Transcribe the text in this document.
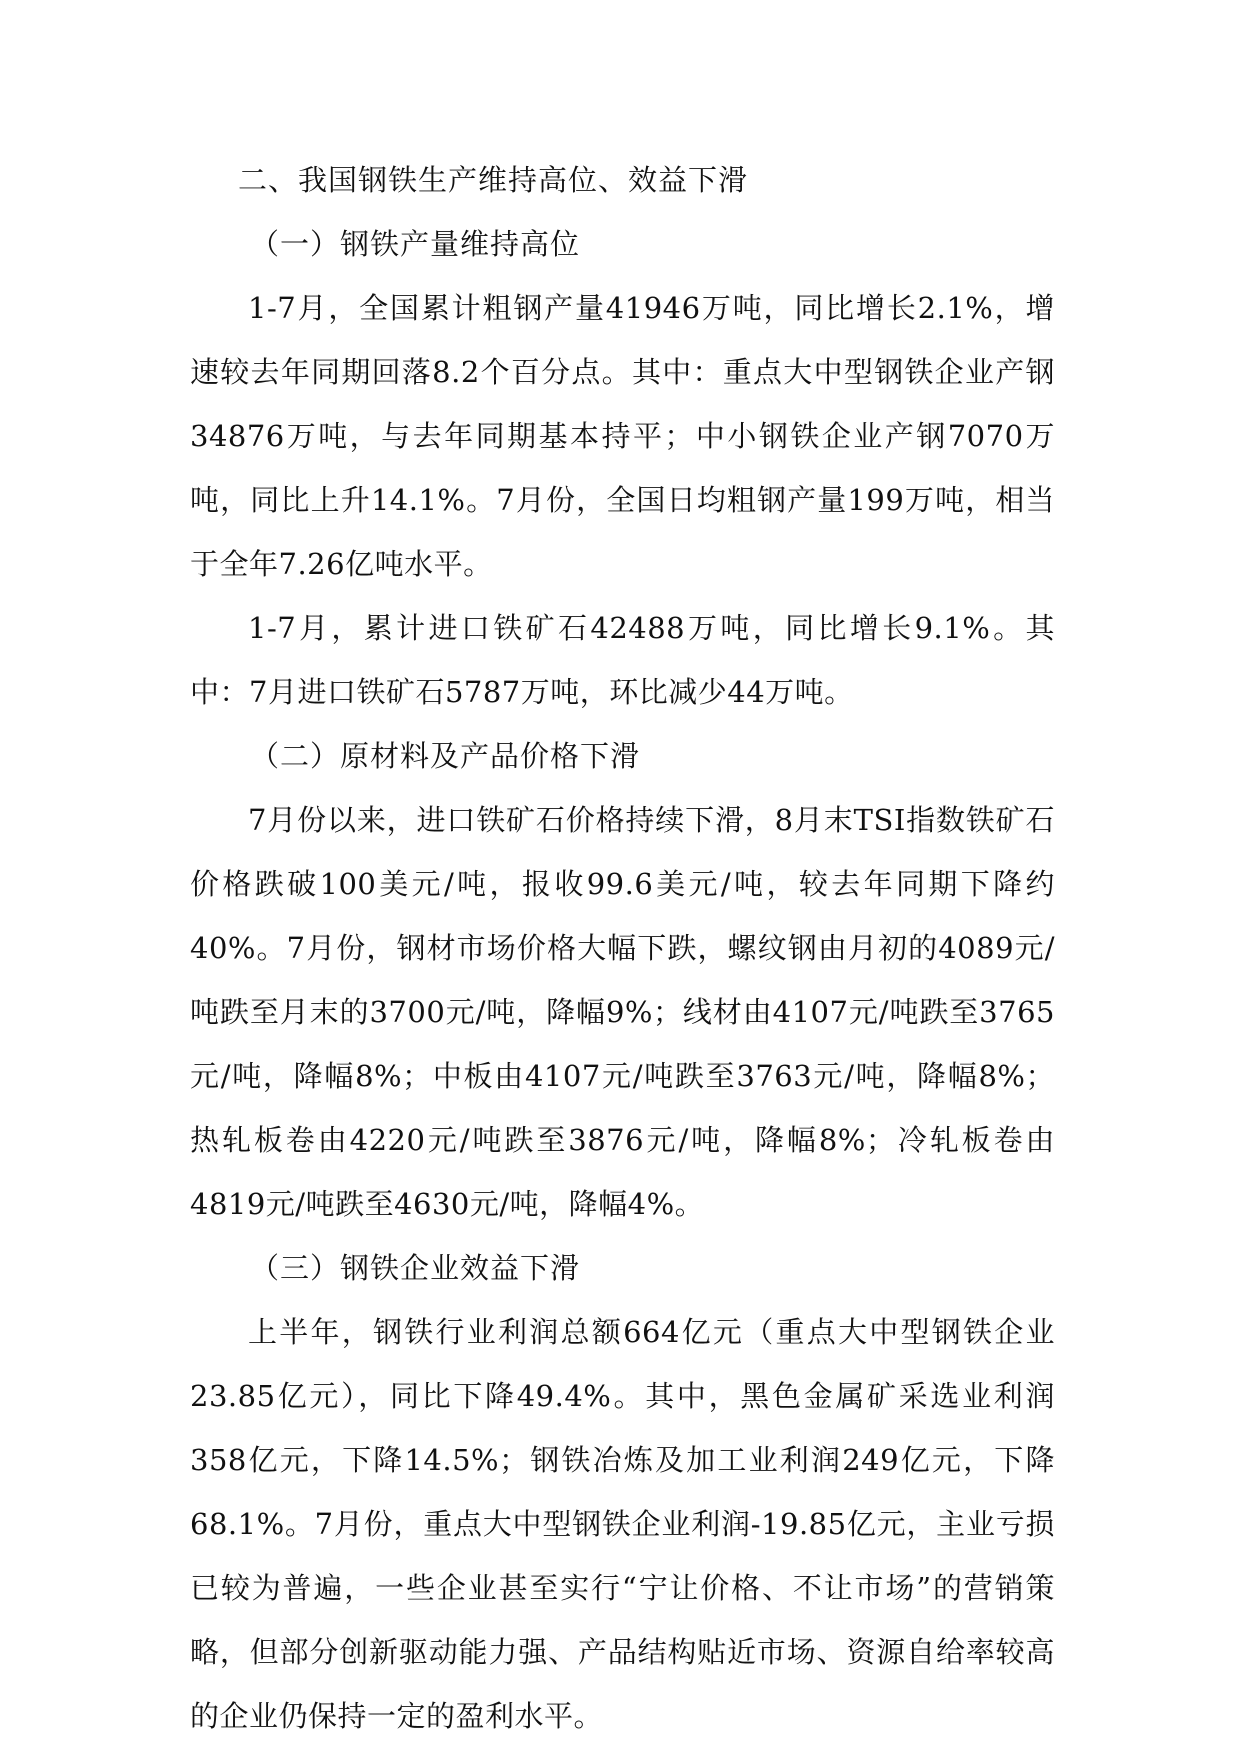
二、我国钢铁生产维持高位、效益下滑
（一）钢铁产量维持高位

1-7月，全国累计粗钢产量41946万吨，同比增长2.1%，增速较去年同期回落8.2个百分点。其中：重点大中型钢铁企业产钢34876万吨，与去年同期基本持平；中小钢铁企业产钢7070万吨，同比上升14.1%。7月份，全国日均粗钢产量199万吨，相当于全年7.26亿吨水平。

1-7月，累计进口铁矿石42488万吨，同比增长9.1%。其中：7月进口铁矿石5787万吨，环比减少44万吨。

（二）原材料及产品价格下滑

7月份以来，进口铁矿石价格持续下滑，8月末TSI指数铁矿石价格跌破100美元/吨，报收99.6美元/吨，较去年同期下降约40%。7月份，钢材市场价格大幅下跌，螺纹钢由月初的4089元/吨跌至月末的3700元/吨，降幅9%；线材由4107元/吨跌至3765元/吨，降幅8%；中板由4107元/吨跌至3763元/吨，降幅8%；热轧板卷由4220元/吨跌至3876元/吨，降幅8%；冷轧板卷由4819元/吨跌至4630元/吨，降幅4%。

（三）钢铁企业效益下滑

上半年，钢铁行业利润总额664亿元（重点大中型钢铁企业23.85亿元），同比下降49.4%。其中，黑色金属矿采选业利润358亿元，下降14.5%；钢铁冶炼及加工业利润249亿元，下降68.1%。7月份，重点大中型钢铁企业利润-19.85亿元，主业亏损已较为普遍，一些企业甚至实行“宁让价格、不让市场”的营销策略，但部分创新驱动能力强、产品结构贴近市场、资源自给率较高的企业仍保持一定的盈利水平。
